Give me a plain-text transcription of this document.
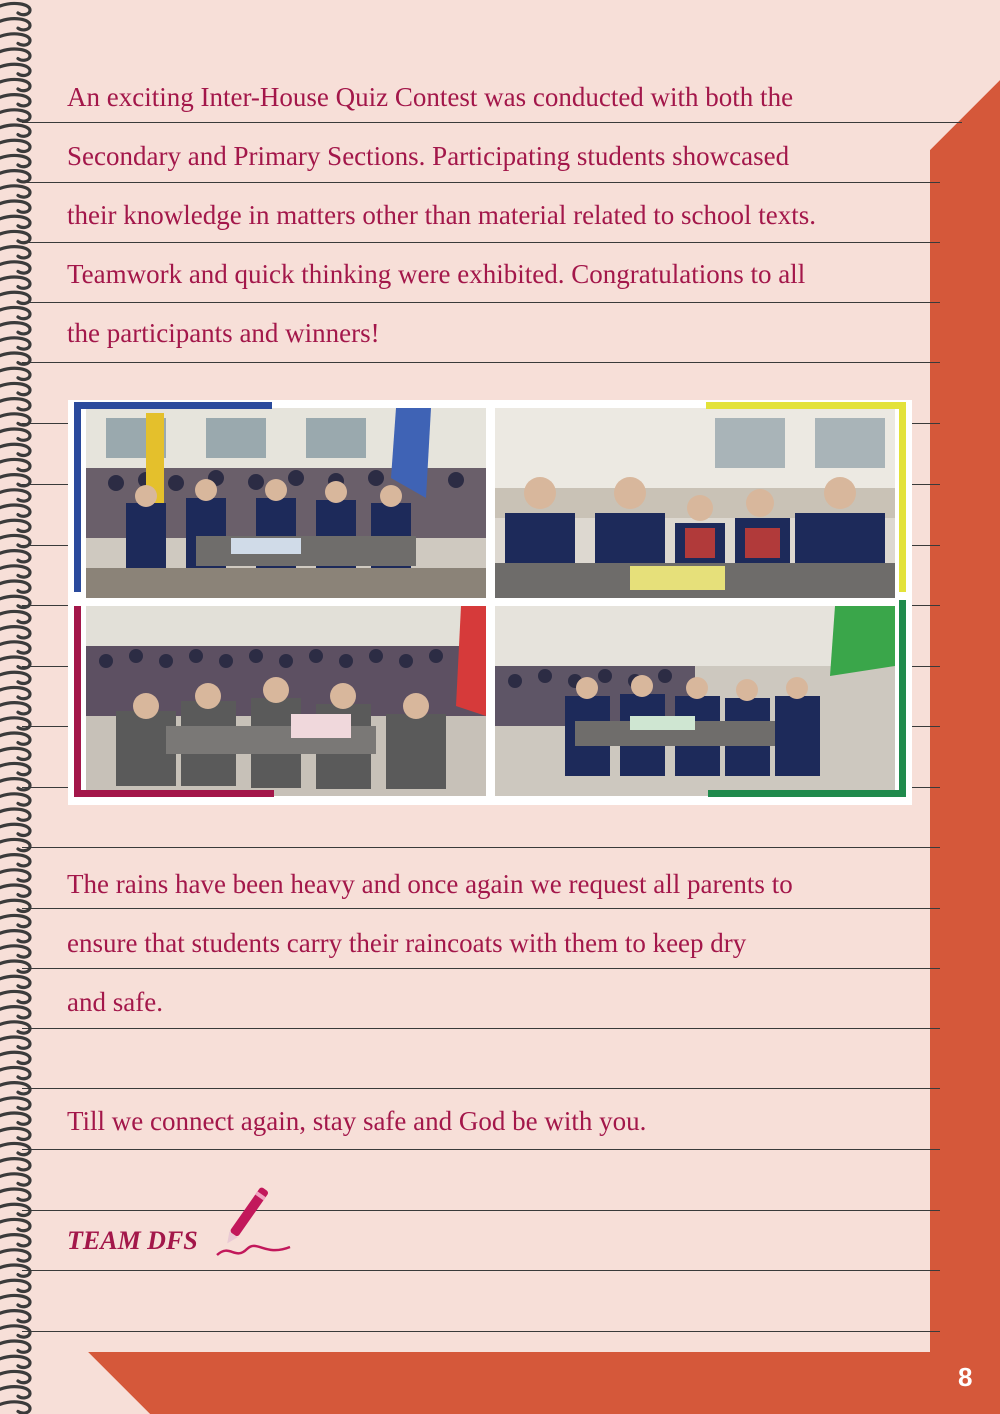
An exciting Inter-House Quiz Contest was conducted with both the
Secondary and Primary Sections. Participating students showcased
their knowledge in matters other than material related to school texts.
Teamwork and quick thinking were exhibited. Congratulations to all
the participants and winners!
The rains have been heavy and once again we request all parents to
ensure that students carry their raincoats with them to keep dry
and safe.
Till we connect again, stay safe and God be with you.
TEAM DFS
8
